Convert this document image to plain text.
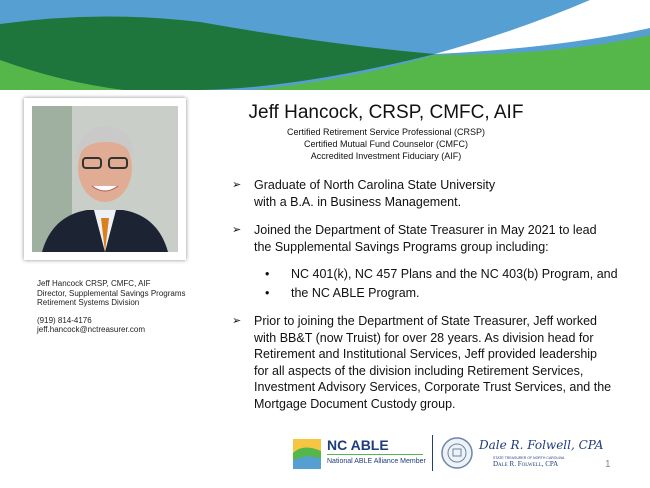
Jeff Hancock CRSP, CMFC, AIF
Director, Supplemental Savings Programs
Retirement Systems Division
(919) 814-4176
jeff.hancock@nctreasurer.com
Jeff Hancock, CRSP, CMFC, AIF
Certified Retirement Service Professional (CRSP)
Certified Mutual Fund Counselor (CMFC)
Accredited Investment Fiduciary (AIF)
➢ Graduate of North Carolina State University
with a B.A. in Business Management.
➢ Joined the Department of State Treasurer in May 2021 to lead
the Supplemental Savings Programs group including:
• NC 401(k), NC 457 Plans and the NC 403(b) Program, and
• the NC ABLE Program.
➢ Prior to joining the Department of State Treasurer, Jeff worked
with BB&T (now Truist) for over 28 years. As division head for
Retirement and Institutional Services, Jeff provided leadership
for all aspects of the division including Retirement Services,
Investment Advisory Services, Corporate Trust Services, and the
Mortgage Document Custody group.
NC ABLE
National ABLE Alliance Member
Dale R. Folwell, CPA
STATE TREASURER OF NORTH CAROLINA
Dale R. Folwell, CPA	1
